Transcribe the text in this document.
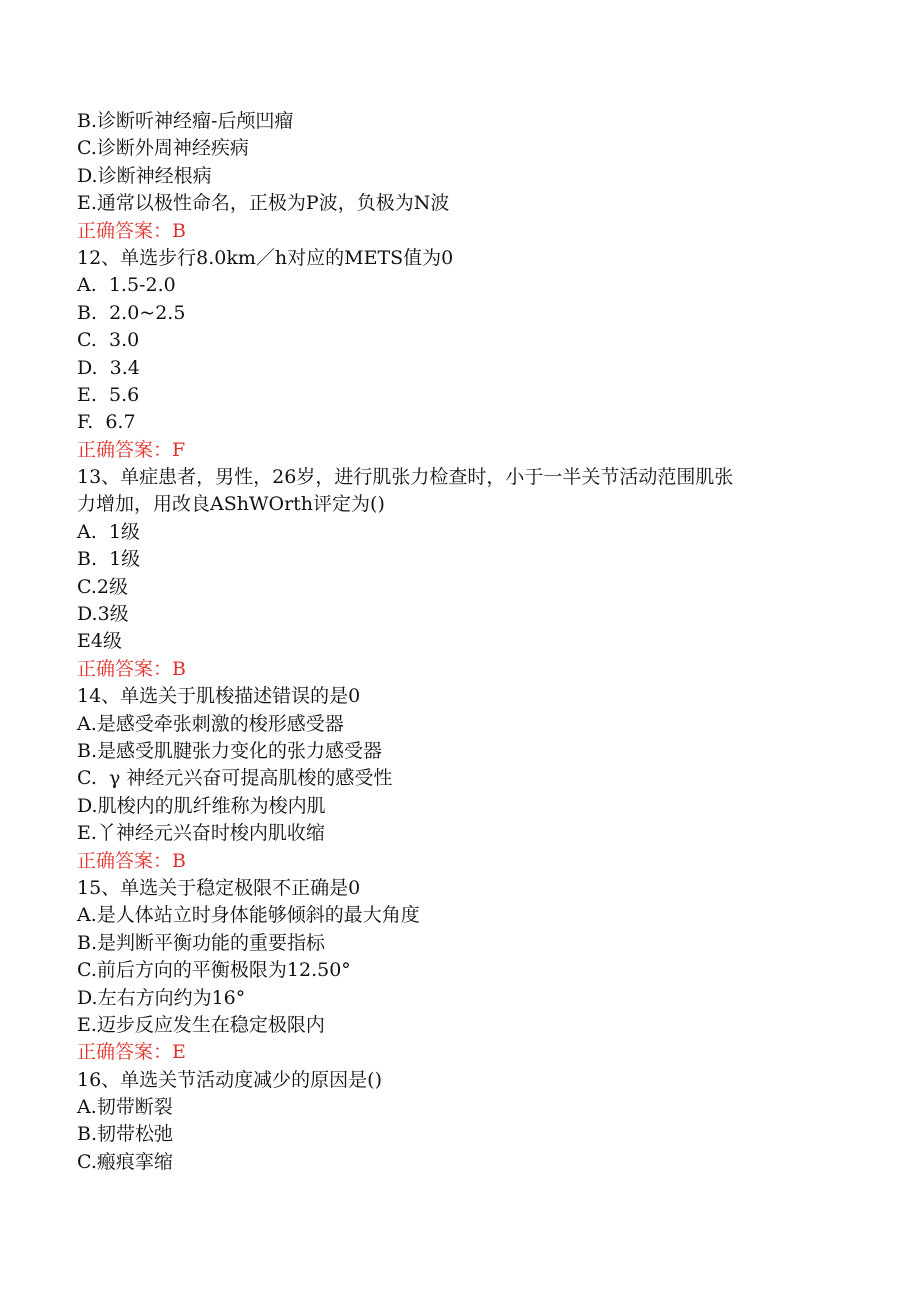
B.诊断听神经瘤-后颅凹瘤
C.诊断外周神经疾病
D.诊断神经根病
E.通常以极性命名，正极为P波，负极为N波
正确答案：B
12、单选步行8.0km／h对应的METS值为0
A.  1.5-2.0
B.  2.0~2.5
C.  3.0
D.  3.4
E.  5.6
F.  6.7
正确答案：F
13、单症患者，男性，26岁，进行肌张力检查时，小于一半关节活动范围肌张
力增加，用改良AShWOrth评定为()
A.  1级
B.  1级
C.2级
D.3级
E4级
正确答案：B
14、单选关于肌梭描述错误的是0
A.是感受牵张刺激的梭形感受器
B.是感受肌腱张力变化的张力感受器
C.  γ 神经元兴奋可提高肌梭的感受性
D.肌梭内的肌纤维称为梭内肌
E.丫神经元兴奋时梭内肌收缩
正确答案：B
15、单选关于稳定极限不正确是0
A.是人体站立时身体能够倾斜的最大角度
B.是判断平衡功能的重要指标
C.前后方向的平衡极限为12.50°
D.左右方向约为16°
E.迈步反应发生在稳定极限内
正确答案：E
16、单选关节活动度减少的原因是()
A.韧带断裂
B.韧带松弛
C.瘢痕挛缩
